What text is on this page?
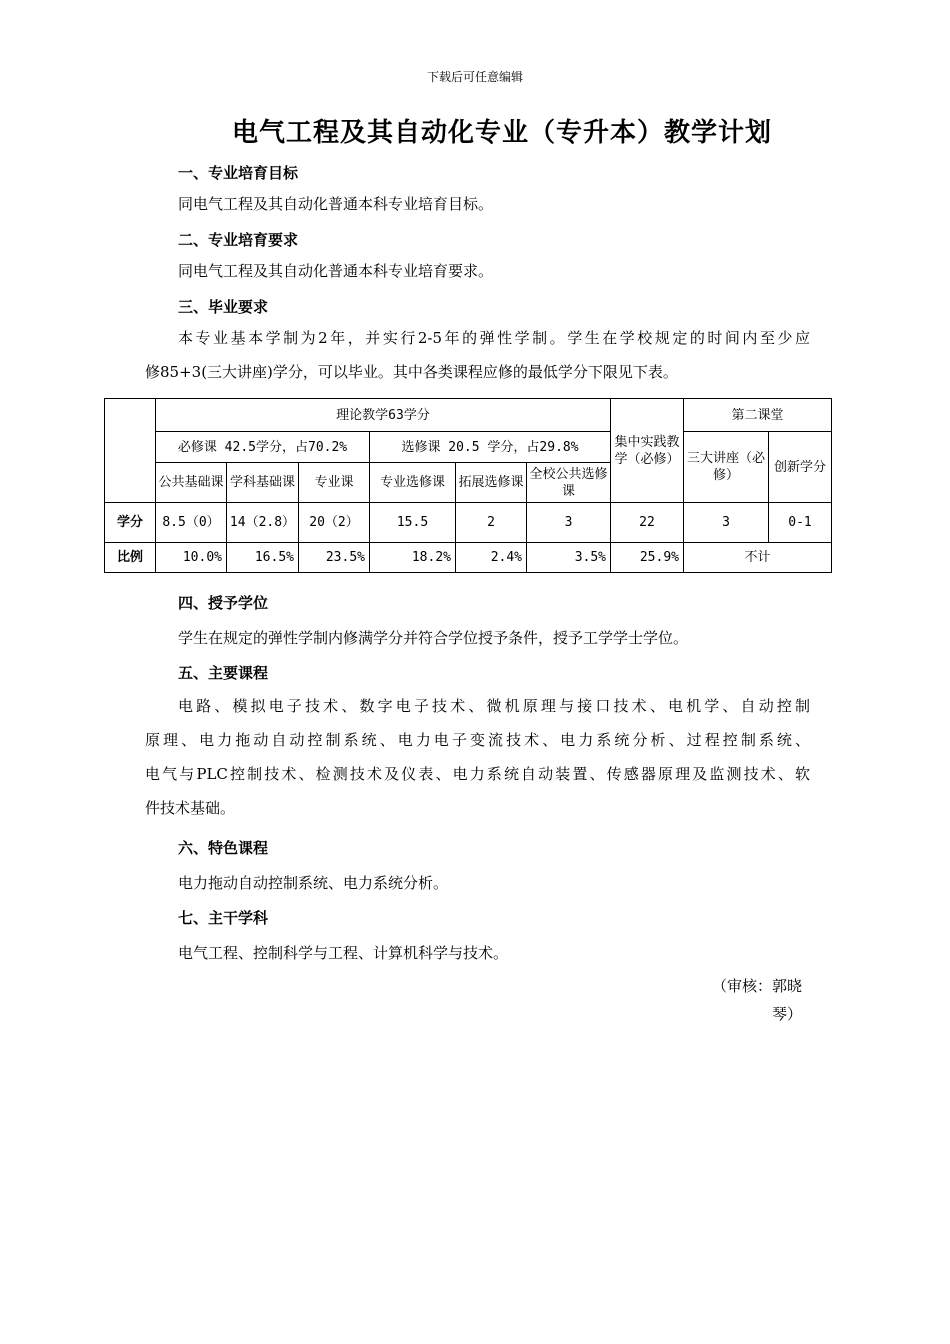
下载后可任意编辑
电气工程及其自动化专业（专升本）教学计划
一、专业培育目标
同电气工程及其自动化普通本科专业培育目标。
二、专业培育要求
同电气工程及其自动化普通本科专业培育要求。
三、毕业要求

本专业基本学制为2年，并实行2-5年的弹性学制。学生在学校规定的时间内至少应

修85+3(三大讲座)学分，可以毕业。其中各类课程应修的最低学分下限见下表。

	理论教学63学分						集中实践教学（必修）	第二课堂	
	必修课 42.5学分，占70.2%			选修课 20.5 学分，占29.8%				三大讲座（必修）	创新学分
	公共基础课	学科基础课	专业课	专业选修课	拓展选修课	全校公共选修课			
学分	8.5（0）	14（2.8）	20（2）	15.5	2	3	22	3	0-1
比例	10.0%	16.5%	23.5%	18.2%	2.4%	3.5%	25.9%	不计	
四、授予学位
学生在规定的弹性学制内修满学分并符合学位授予条件，授予工学学士学位。
五、主要课程

电路、模拟电子技术、数字电子技术、微机原理与接口技术、电机学、自动控制

原理、电力拖动自动控制系统、电力电子变流技术、电力系统分析、过程控制系统、

电气与PLC控制技术、检测技术及仪表、电力系统自动装置、传感器原理及监测技术、软

件技术基础。

六、特色课程
电力拖动自动控制系统、电力系统分析。
七、主干学科
电气工程、控制科学与工程、计算机科学与技术。
（审核：郭晓
琴）
